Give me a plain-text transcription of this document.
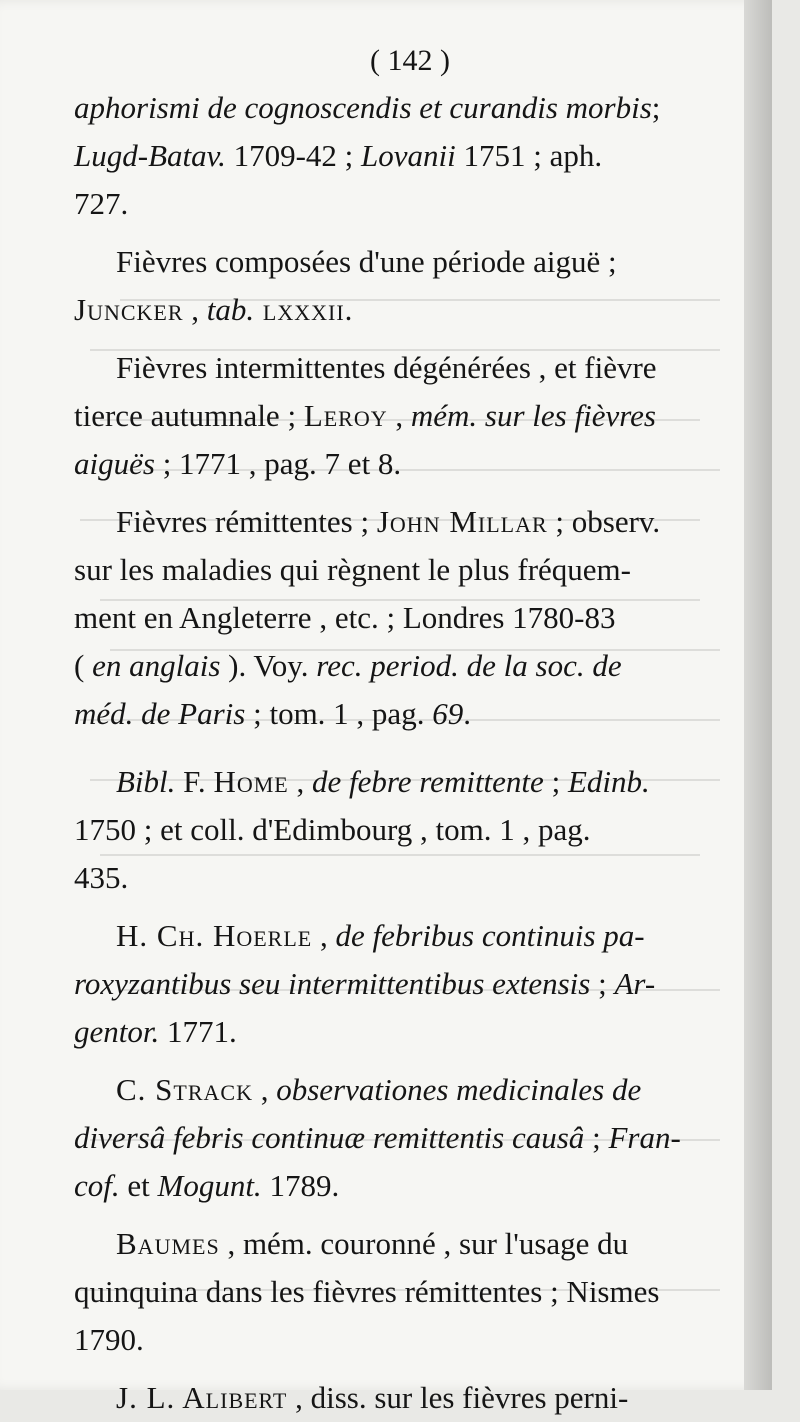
( 142 )
aphorismi de cognoscendis et curandis morbis;
Lugd-Batav. 1709-42 ; Lovanii 1751 ; aph.
727.
Fièvres composées d'une période aiguë ;
Juncker , tab. lxxxii.
Fièvres intermittentes dégénérées , et fièvre
tierce autumnale ; Leroy , mém. sur les fièvres
aiguës ; 1771 , pag. 7 et 8.
Fièvres rémittentes ; John Millar ; observ.
sur les maladies qui règnent le plus fréquem-
ment en Angleterre , etc. ; Londres 1780-83
( en anglais ). Voy. rec. period. de la soc. de
méd. de Paris ; tom. 1 , pag. 69.
Bibl. F. Home , de febre remittente ; Edinb.
1750 ; et coll. d'Edimbourg , tom. 1 , pag.
435.
H. Ch. Hoerle , de febribus continuis pa-
roxyzantibus seu intermittentibus extensis ; Ar-
gentor. 1771.
C. Strack , observationes medicinales de
diversâ febris continuæ remittentis causâ ; Fran-
cof. et Mogunt. 1789.
Baumes , mém. couronné , sur l'usage du
quinquina dans les fièvres rémittentes ; Nismes
1790.
J. L. Alibert , diss. sur les fièvres perni-
